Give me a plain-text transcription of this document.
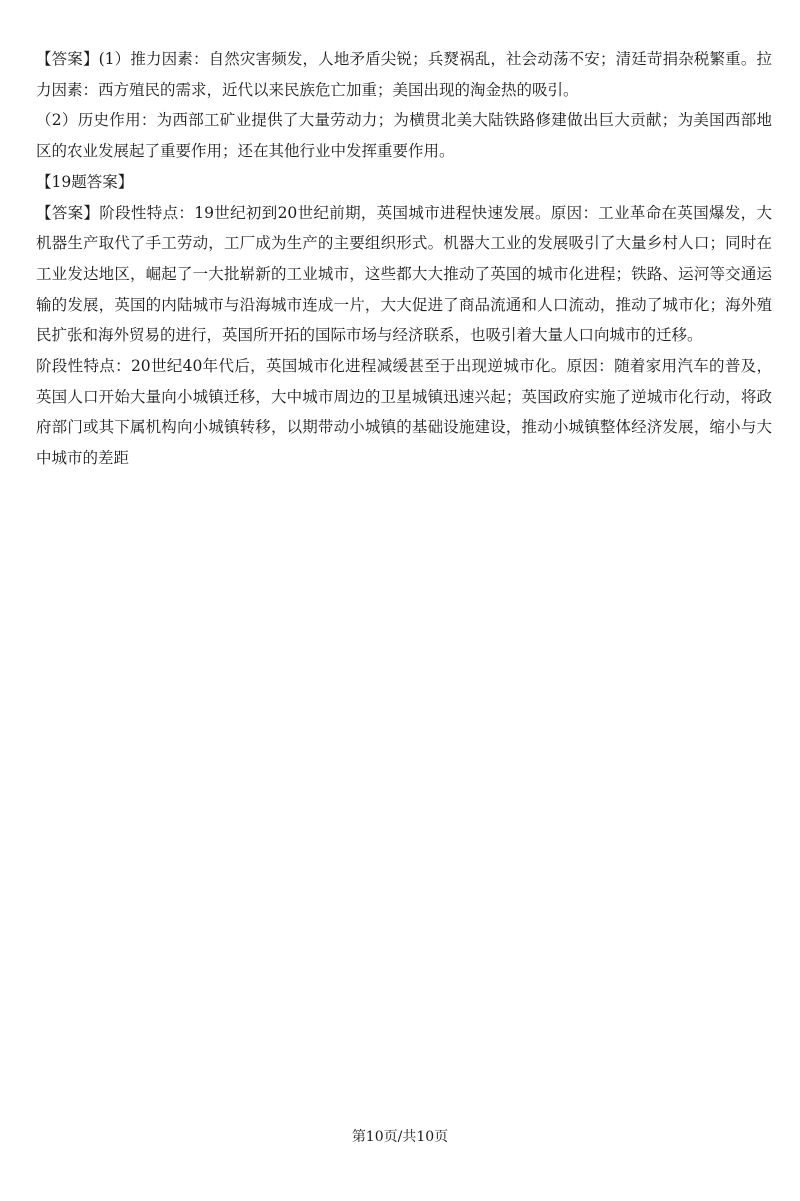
【答案】(1）推力因素：自然灾害频发，人地矛盾尖锐；兵燹祸乱，社会动荡不安；清廷苛捐杂税繁重。拉力因素：西方殖民的需求，近代以来民族危亡加重；美国出现的淘金热的吸引。

（2）历史作用：为西部工矿业提供了大量劳动力；为横贯北美大陆铁路修建做出巨大贡献；为美国西部地区的农业发展起了重要作用；还在其他行业中发挥重要作用。

【19题答案】

【答案】阶段性特点：19世纪初到20世纪前期，英国城市进程快速发展。原因：工业革命在英国爆发，大机器生产取代了手工劳动，工厂成为生产的主要组织形式。机器大工业的发展吸引了大量乡村人口；同时在工业发达地区，崛起了一大批崭新的工业城市，这些都大大推动了英国的城市化进程；铁路、运河等交通运输的发展，英国的内陆城市与沿海城市连成一片，大大促进了商品流通和人口流动，推动了城市化；海外殖民扩张和海外贸易的进行，英国所开拓的国际市场与经济联系，也吸引着大量人口向城市的迁移。

阶段性特点：20世纪40年代后，英国城市化进程减缓甚至于出现逆城市化。原因：随着家用汽车的普及，英国人口开始大量向小城镇迁移，大中城市周边的卫星城镇迅速兴起；英国政府实施了逆城市化行动，将政府部门或其下属机构向小城镇转移，以期带动小城镇的基础设施建设，推动小城镇整体经济发展，缩小与大中城市的差距

第10页/共10页
